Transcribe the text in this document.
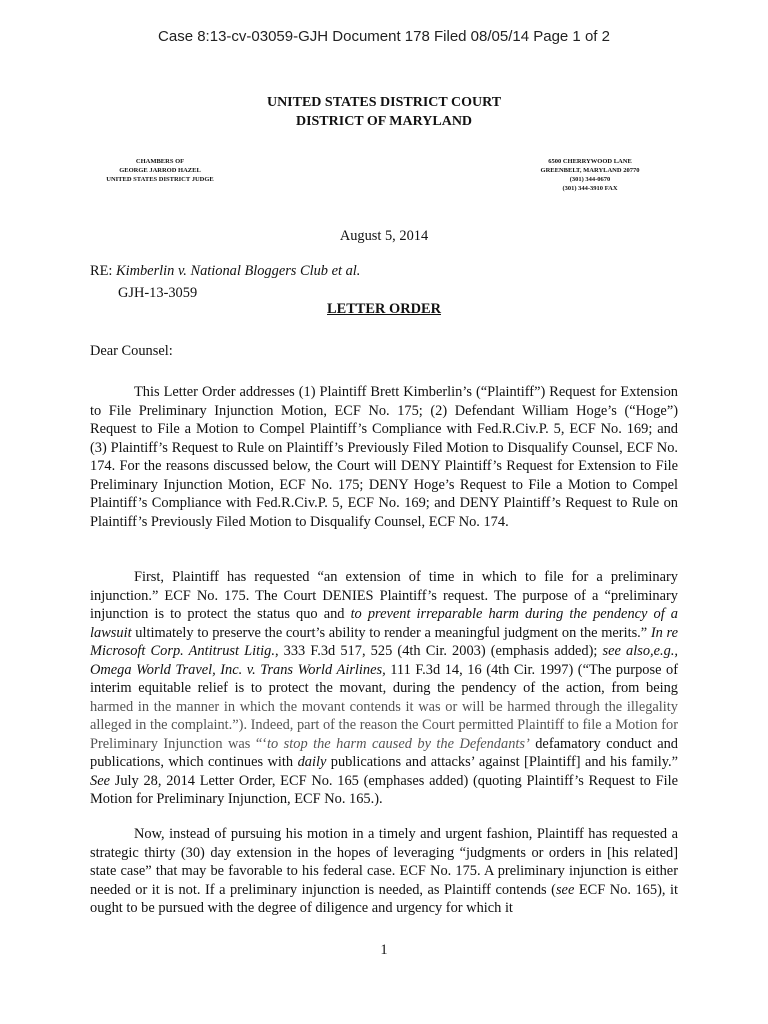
Case 8:13-cv-03059-GJH Document 178 Filed 08/05/14 Page 1 of 2
UNITED STATES DISTRICT COURT
DISTRICT OF MARYLAND
CHAMBERS OF
GEORGE JARROD HAZEL
UNITED STATES DISTRICT JUDGE
6500 CHERRYWOOD LANE
GREENBELT, MARYLAND 20770
(301) 344-0670
(301) 344-3910 FAX
August 5, 2014
RE: Kimberlin v. National Bloggers Club et al.
GJH-13-3059
LETTER ORDER
Dear Counsel:

This Letter Order addresses (1) Plaintiff Brett Kimberlin’s (“Plaintiff”) Request for Extension to File Preliminary Injunction Motion, ECF No. 175; (2) Defendant William Hoge’s (“Hoge”) Request to File a Motion to Compel Plaintiff’s Compliance with Fed.R.Civ.P. 5, ECF No. 169; and (3) Plaintiff’s Request to Rule on Plaintiff’s Previously Filed Motion to Disqualify Counsel, ECF No. 174. For the reasons discussed below, the Court will DENY Plaintiff’s Request for Extension to File Preliminary Injunction Motion, ECF No. 175; DENY Hoge’s Request to File a Motion to Compel Plaintiff’s Compliance with Fed.R.Civ.P. 5, ECF No. 169; and DENY Plaintiff’s Request to Rule on Plaintiff’s Previously Filed Motion to Disqualify Counsel, ECF No. 174.

First, Plaintiff has requested “an extension of time in which to file for a preliminary injunction.” ECF No. 175. The Court DENIES Plaintiff’s request. The purpose of a “preliminary injunction is to protect the status quo and to prevent irreparable harm during the pendency of a lawsuit ultimately to preserve the court’s ability to render a meaningful judgment on the merits.” In re Microsoft Corp. Antitrust Litig., 333 F.3d 517, 525 (4th Cir. 2003) (emphasis added); see also,e.g., Omega World Travel, Inc. v. Trans World Airlines, 111 F.3d 14, 16 (4th Cir. 1997) (“The purpose of interim equitable relief is to protect the movant, during the pendency of the action, from being harmed in the manner in which the movant contends it was or will be harmed through the illegality alleged in the complaint.”). Indeed, part of the reason the Court permitted Plaintiff to file a Motion for Preliminary Injunction was “‘to stop the harm caused by the Defendants’ defamatory conduct and publications, which continues with daily publications and attacks’ against [Plaintiff] and his family.” See July 28, 2014 Letter Order, ECF No. 165 (emphases added) (quoting Plaintiff’s Request to File Motion for Preliminary Injunction, ECF No. 165.).

Now, instead of pursuing his motion in a timely and urgent fashion, Plaintiff has requested a strategic thirty (30) day extension in the hopes of leveraging “judgments or orders in [his related] state case” that may be favorable to his federal case. ECF No. 175. A preliminary injunction is either needed or it is not. If a preliminary injunction is needed, as Plaintiff contends (see ECF No. 165), it ought to be pursued with the degree of diligence and urgency for which it

1
